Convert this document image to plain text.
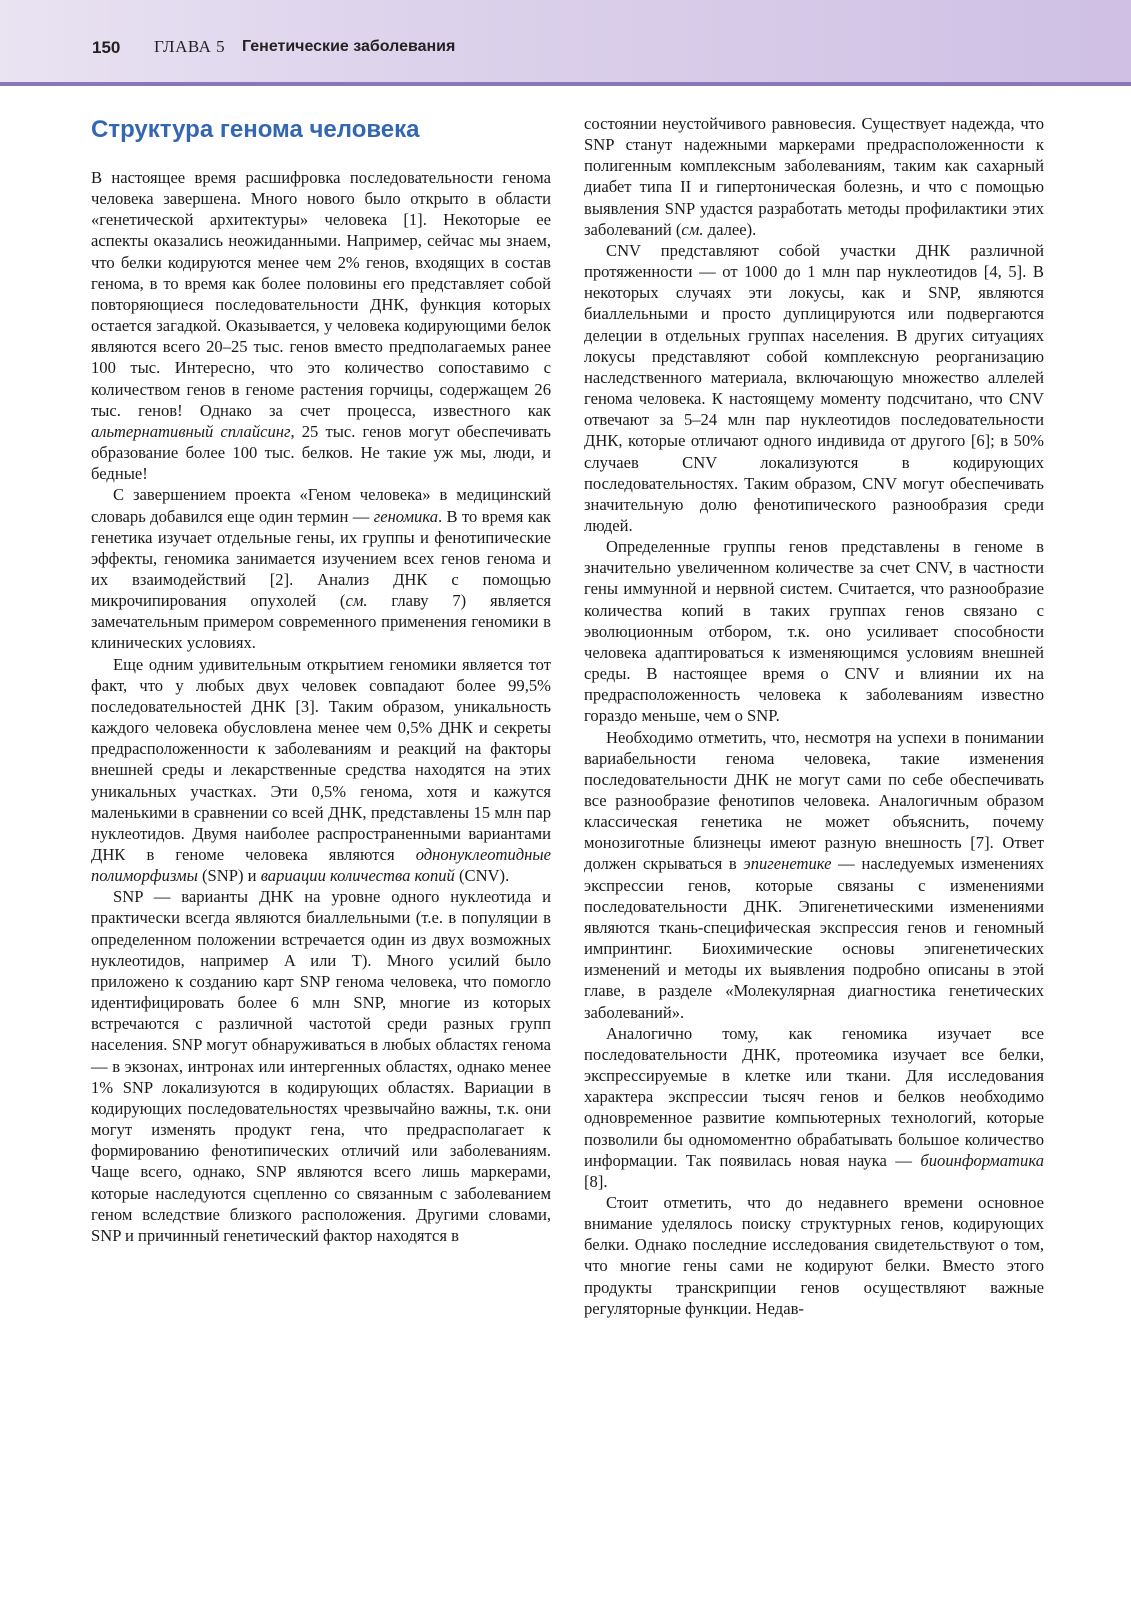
150 ГЛАВА 5 Генетические заболевания
Структура генома человека

В настоящее время расшифровка последовательности генома человека завершена. Много нового было открыто в области «генетической архитектуры» человека [1]. Некоторые ее аспекты оказались неожиданными. Например, сейчас мы знаем, что белки кодируются менее чем 2% генов, входящих в состав генома, в то время как более половины его представляет собой повторяющиеся последовательности ДНК, функция которых остается загадкой. Оказывается, у человека кодирующими белок являются всего 20–25 тыс. генов вместо предполагаемых ранее 100 тыс. Интересно, что это количество сопоставимо с количеством генов в геноме растения горчицы, содержащем 26 тыс. генов! Однако за счет процесса, известного как альтернативный сплайсинг, 25 тыс. генов могут обеспечивать образование более 100 тыс. белков. Не такие уж мы, люди, и бедные!

С завершением проекта «Геном человека» в медицинский словарь добавился еще один термин — геномика. В то время как генетика изучает отдельные гены, их группы и фенотипические эффекты, геномика занимается изучением всех генов генома и их взаимодействий [2]. Анализ ДНК с помощью микрочипирования опухолей (см. главу 7) является замечательным примером современного применения геномики в клинических условиях.

Еще одним удивительным открытием геномики является тот факт, что у любых двух человек совпадают более 99,5% последовательностей ДНК [3]. Таким образом, уникальность каждого человека обусловлена менее чем 0,5% ДНК и секреты предрасположенности к заболеваниям и реакций на факторы внешней среды и лекарственные средства находятся на этих уникальных участках. Эти 0,5% генома, хотя и кажутся маленькими в сравнении со всей ДНК, представлены 15 млн пар нуклеотидов. Двумя наиболее распространенными вариантами ДНК в геноме человека являются однонуклеотидные полиморфизмы (SNP) и вариации количества копий (CNV).

SNP — варианты ДНК на уровне одного нуклеотида и практически всегда являются биаллельными (т.е. в популяции в определенном положении встречается один из двух возможных нуклеотидов, например A или T). Много усилий было приложено к созданию карт SNP генома человека, что помогло идентифицировать более 6 млн SNP, многие из которых встречаются с различной частотой среди разных групп населения. SNP могут обнаруживаться в любых областях генома — в экзонах, интронах или интергенных областях, однако менее 1% SNP локализуются в кодирующих областях. Вариации в кодирующих последовательностях чрезвычайно важны, т.к. они могут изменять продукт гена, что предрасполагает к формированию фенотипических отличий или заболеваниям. Чаще всего, однако, SNP являются всего лишь маркерами, которые наследуются сцепленно со связанным с заболеванием геном вследствие близкого расположения. Другими словами, SNP и причинный генетический фактор находятся в

состоянии неустойчивого равновесия. Существует надежда, что SNP станут надежными маркерами предрасположенности к полигенным комплексным заболеваниям, таким как сахарный диабет типа II и гипертоническая болезнь, и что с помощью выявления SNP удастся разработать методы профилактики этих заболеваний (см. далее).

CNV представляют собой участки ДНК различной протяженности — от 1000 до 1 млн пар нуклеотидов [4, 5]. В некоторых случаях эти локусы, как и SNP, являются биаллельными и просто дуплицируются или подвергаются делеции в отдельных группах населения. В других ситуациях локусы представляют собой комплексную реорганизацию наследственного материала, включающую множество аллелей генома человека. К настоящему моменту подсчитано, что CNV отвечают за 5–24 млн пар нуклеотидов последовательности ДНК, которые отличают одного индивида от другого [6]; в 50% случаев CNV локализуются в кодирующих последовательностях. Таким образом, CNV могут обеспечивать значительную долю фенотипического разнообразия среди людей.

Определенные группы генов представлены в геноме в значительно увеличенном количестве за счет CNV, в частности гены иммунной и нервной систем. Считается, что разнообразие количества копий в таких группах генов связано с эволюционным отбором, т.к. оно усиливает способности человека адаптироваться к изменяющимся условиям внешней среды. В настоящее время о CNV и влиянии их на предрасположенность человека к заболеваниям известно гораздо меньше, чем о SNP.

Необходимо отметить, что, несмотря на успехи в понимании вариабельности генома человека, такие изменения последовательности ДНК не могут сами по себе обеспечивать все разнообразие фенотипов человека. Аналогичным образом классическая генетика не может объяснить, почему монозиготные близнецы имеют разную внешность [7]. Ответ должен скрываться в эпигенетике — наследуемых изменениях экспрессии генов, которые связаны с изменениями последовательности ДНК. Эпигенетическими изменениями являются ткань-специфическая экспрессия генов и геномный импринтинг. Биохимические основы эпигенетических изменений и методы их выявления подробно описаны в этой главе, в разделе «Молекулярная диагностика генетических заболеваний».

Аналогично тому, как геномика изучает все последовательности ДНК, протеомика изучает все белки, экспрессируемые в клетке или ткани. Для исследования характера экспрессии тысяч генов и белков необходимо одновременное развитие компьютерных технологий, которые позволили бы одномоментно обрабатывать большое количество информации. Так появилась новая наука — биоинформатика [8].

Стоит отметить, что до недавнего времени основное внимание уделялось поиску структурных генов, кодирующих белки. Однако последние исследования свидетельствуют о том, что многие гены сами не кодируют белки. Вместо этого продукты транскрипции генов осуществляют важные регуляторные функции. Недав-
